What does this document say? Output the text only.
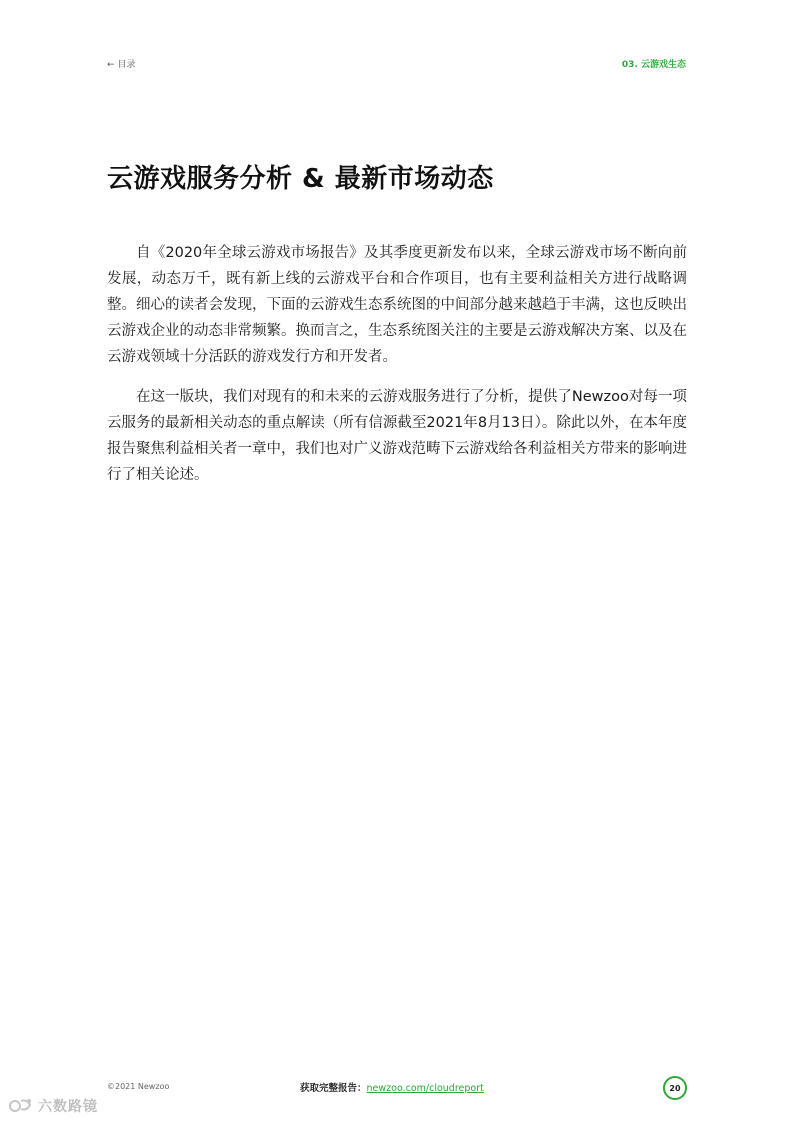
← 目录	03. 云游戏生态
云游戏服务分析 & 最新市场动态

自《2020年全球云游戏市场报告》及其季度更新发布以来，全球云游戏市场不断向前发展，动态万千，既有新上线的云游戏平台和合作项目，也有主要利益相关方进行战略调整。细心的读者会发现，下面的云游戏生态系统图的中间部分越来越趋于丰满，这也反映出云游戏企业的动态非常频繁。换而言之，生态系统图关注的主要是云游戏解决方案、以及在云游戏领域十分活跃的游戏发行方和开发者。

在这一版块，我们对现有的和未来的云游戏服务进行了分析，提供了Newzoo对每一项云服务的最新相关动态的重点解读（所有信源截至2021年8月13日）。除此以外，在本年度报告聚焦利益相关者一章中，我们也对广义游戏范畴下云游戏给各利益相关方带来的影响进行了相关论述。

©2021 Newzoo	获取完整报告：newzoo.com/cloudreport	20
六数路镜
